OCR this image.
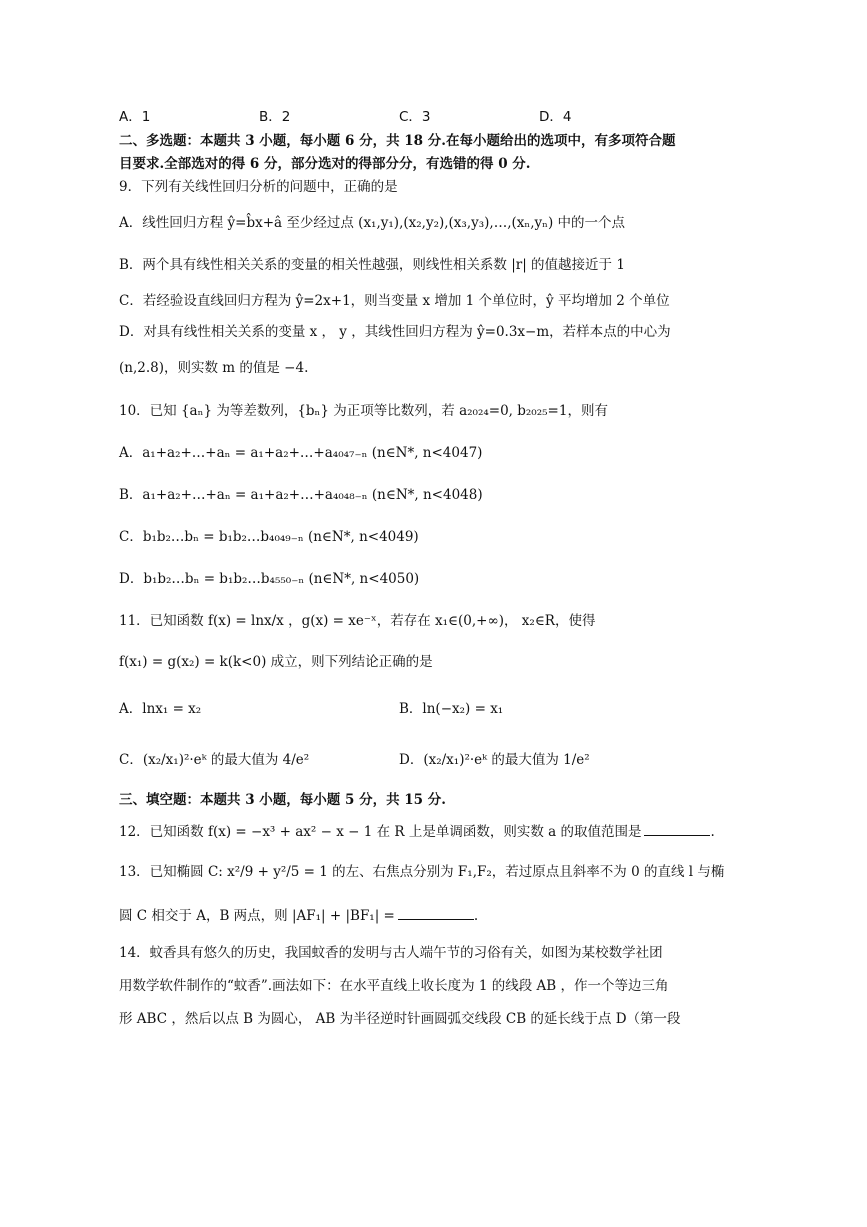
A．1	B．2	C．3	D．4
二、多选题：本题共 3 小题，每小题 6 分，共 18 分.在每小题给出的选项中，有多项符合题
目要求.全部选对的得 6 分，部分选对的得部分分，有选错的得 0 分.
9．下列有关线性回归分析的问题中，正确的是
A．线性回归方程 ŷ=b̂x+â 至少经过点 (x₁,y₁),(x₂,y₂),(x₃,y₃),…,(xₙ,yₙ) 中的一个点
B．两个具有线性相关关系的变量的相关性越强，则线性相关系数 |r| 的值越接近于 1
C．若经验设直线回归方程为 ŷ=2x+1，则当变量 x 增加 1 个单位时，ŷ 平均增加 2 个单位
D．对具有线性相关关系的变量 x ， y ，其线性回归方程为 ŷ=0.3x−m，若样本点的中心为
(n,2.8)，则实数 m 的值是 −4.
10．已知 {aₙ} 为等差数列，{bₙ} 为正项等比数列，若 a₂₀₂₄=0, b₂₀₂₅=1，则有
A．a₁+a₂+…+aₙ = a₁+a₂+…+a₄₀₄₇₋ₙ (n∈N*, n<4047)
B．a₁+a₂+…+aₙ = a₁+a₂+…+a₄₀₄₈₋ₙ (n∈N*, n<4048)
C．b₁b₂…bₙ = b₁b₂…b₄₀₄₉₋ₙ (n∈N*, n<4049)
D．b₁b₂…bₙ = b₁b₂…b₄₅₅₀₋ₙ (n∈N*, n<4050)
11．已知函数 f(x) = lnx/x ，g(x) = xe⁻ˣ，若存在 x₁∈(0,+∞)， x₂∈R，使得
f(x₁) = g(x₂) = k(k<0) 成立，则下列结论正确的是
A．lnx₁ = x₂	B．ln(−x₂) = x₁
C．(x₂/x₁)²·eᵏ 的最大值为 4/e²	D．(x₂/x₁)²·eᵏ 的最大值为 1/e²
三、填空题：本题共 3 小题，每小题 5 分，共 15 分.
12．已知函数 f(x) = −x³ + ax² − x − 1 在 R 上是单调函数，则实数 a 的取值范围是	.
13．已知椭圆 C: x²/9 + y²/5 = 1 的左、右焦点分别为 F₁,F₂，若过原点且斜率不为 0 的直线 l 与椭
圆 C 相交于 A，B 两点，则 |AF₁| + |BF₁| =	.
14．蚊香具有悠久的历史，我国蚊香的发明与古人端午节的习俗有关，如图为某校数学社团
用数学软件制作的“蚊香”.画法如下：在水平直线上收长度为 1 的线段 AB ，作一个等边三角
形 ABC ，然后以点 B 为圆心， AB 为半径逆时针画圆弧交线段 CB 的延长线于点 D（第一段
